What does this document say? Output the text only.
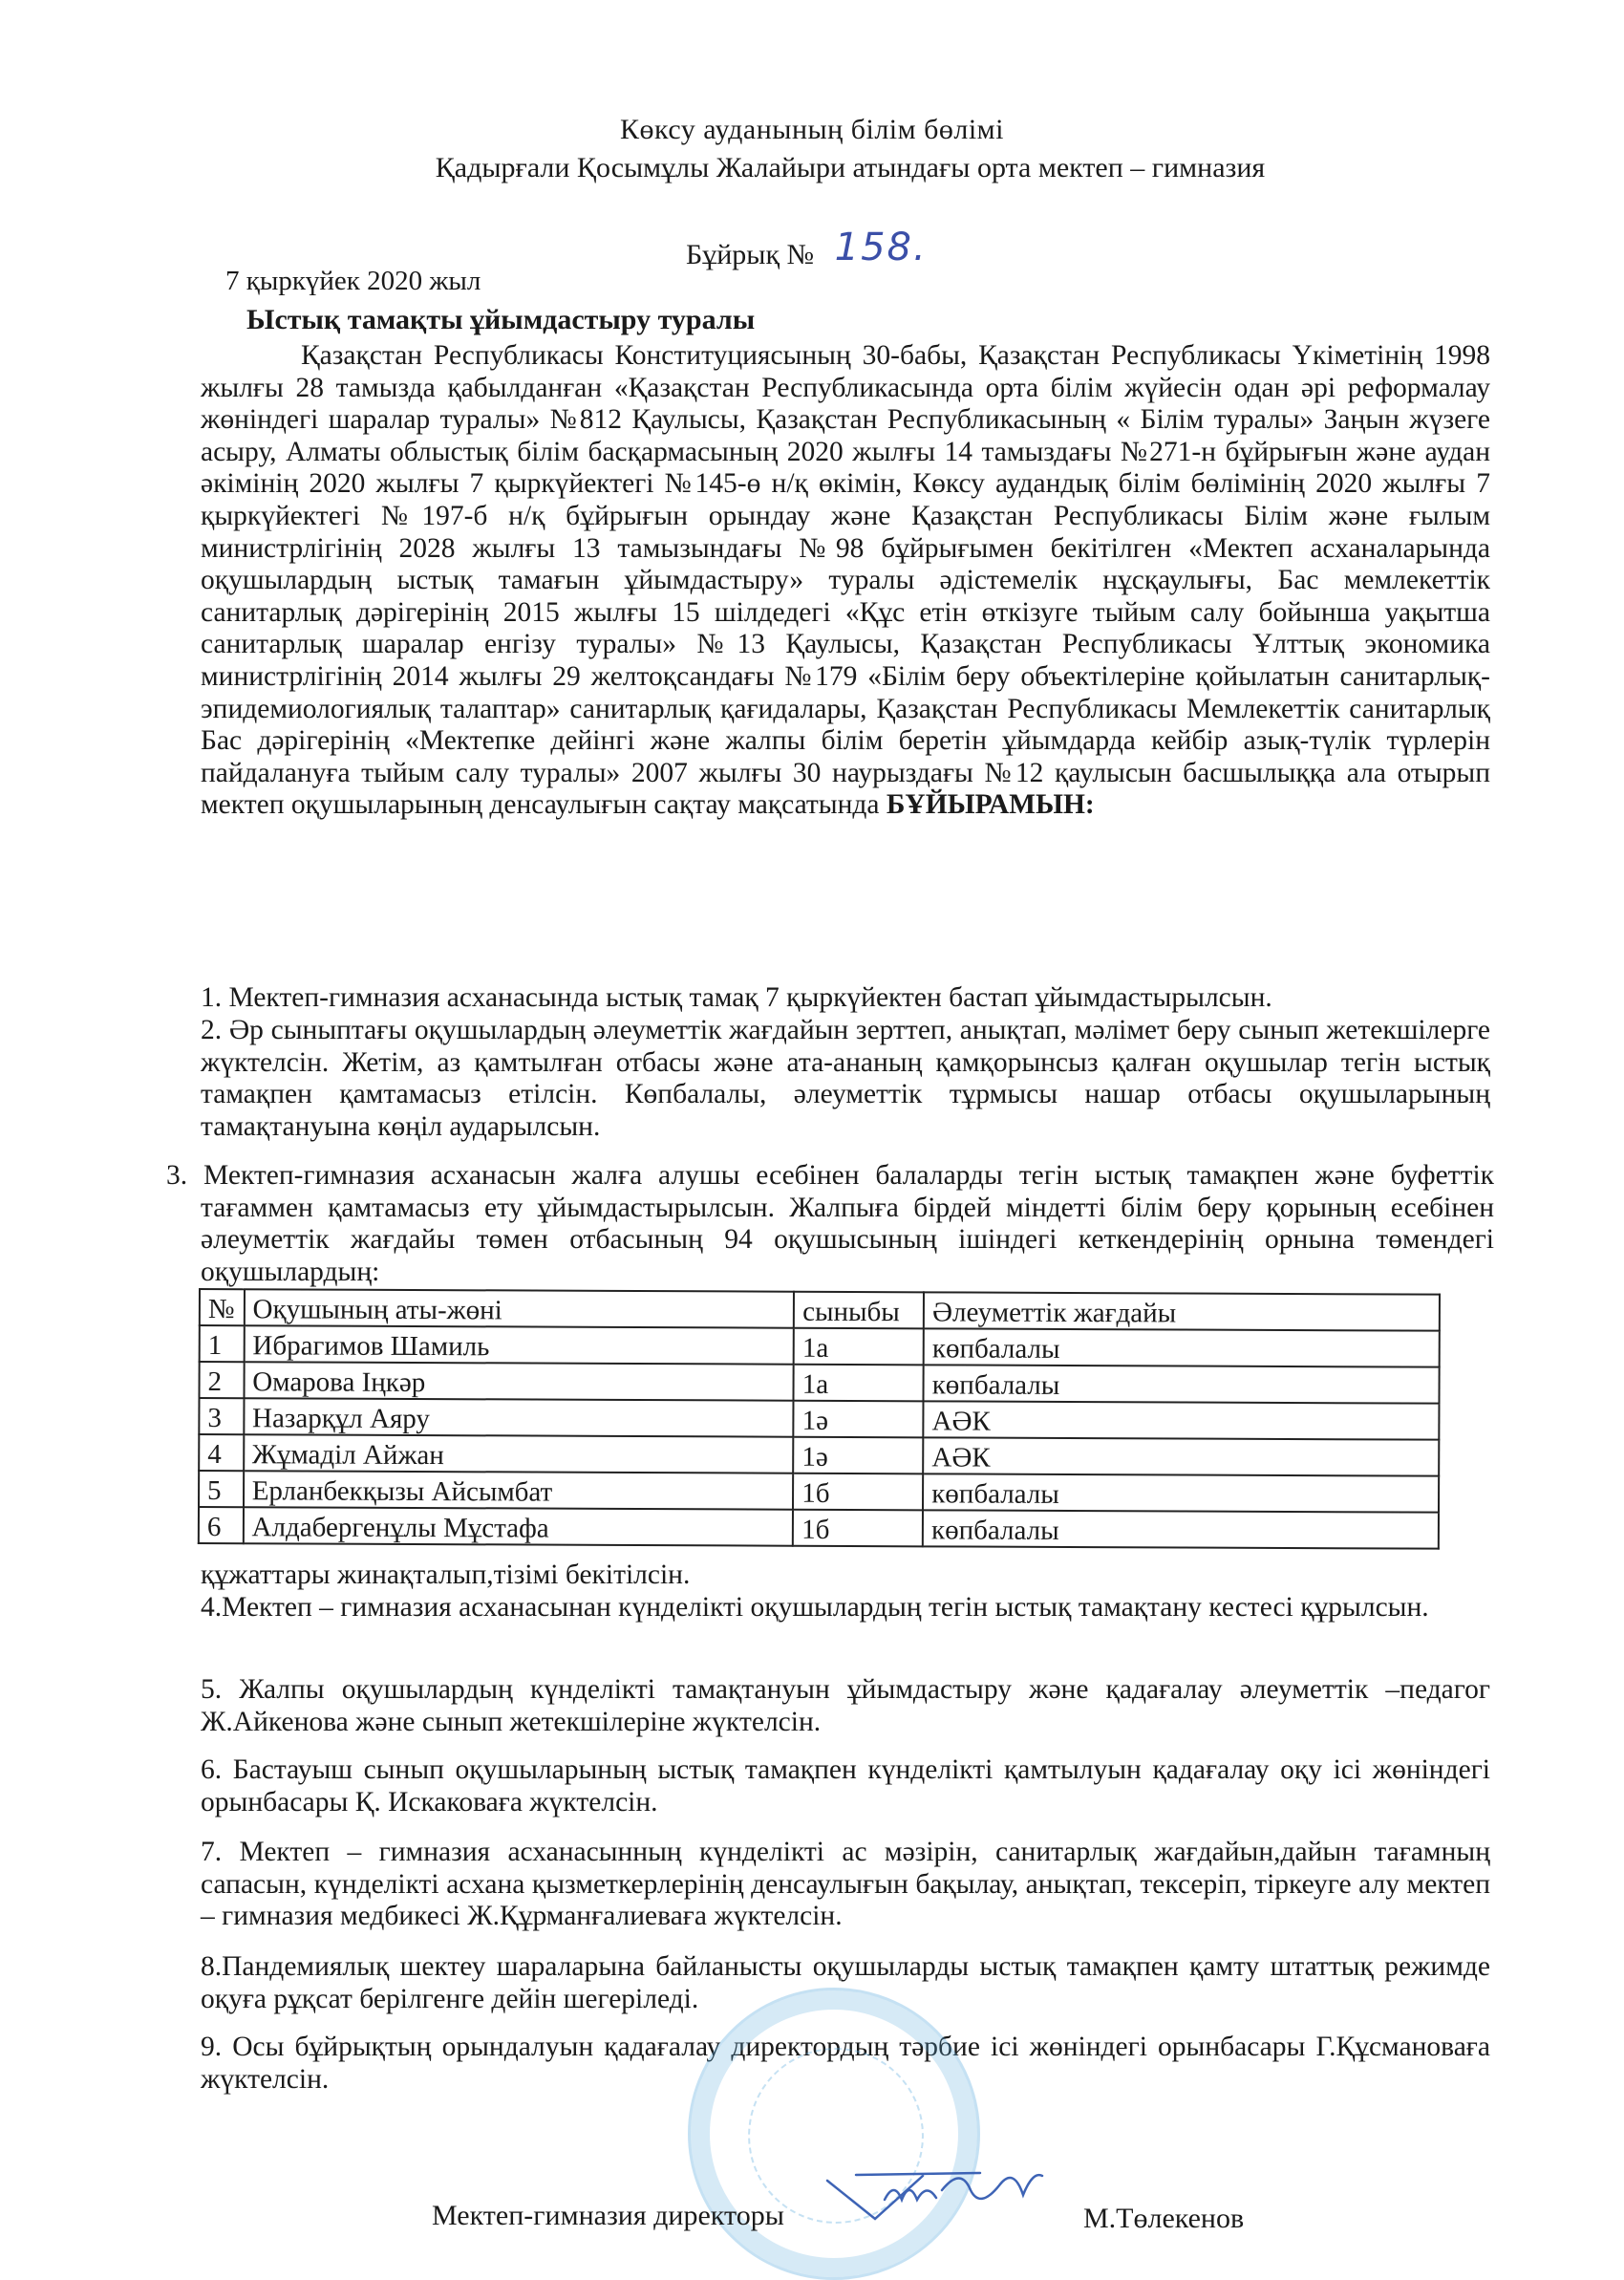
Көксу ауданының білім бөлімі
Қадырғали Қосымұлы Жалайыри атындағы орта мектеп – гимназия
Бұйрық № 158.
7 қыркүйек 2020 жыл
Ыстық тамақты ұйымдастыру туралы
Қазақстан Республикасы Конституциясының 30-бабы, Қазақстан Республикасы Үкіметінің 1998 жылғы 28 тамызда қабылданған «Қазақстан Республикасында орта білім жүйесін одан әрі реформалау жөніндегі шаралар туралы» №812 Қаулысы, Қазақстан Республикасының « Білім туралы» Заңын жүзеге асыру, Алматы облыстық білім басқармасының 2020 жылғы 14 тамыздағы №271-н бұйрығын және аудан әкімінің 2020 жылғы 7 қыркүйектегі №145-ө н/қ өкімін, Көксу аудандық білім бөлімінің 2020 жылғы 7 қыркүйектегі №197-б н/қ бұйрығын орындау және Қазақстан Республикасы Білім және ғылым министрлігінің 2028 жылғы 13 тамызындағы №98 бұйрығымен бекітілген «Мектеп асханаларында оқушылардың ыстық тамағын ұйымдастыру» туралы әдістемелік нұсқаулығы, Бас мемлекеттік санитарлық дәрігерінің 2015 жылғы 15 шілдедегі «Құс етін өткізуге тыйым салу бойынша уақытша санитарлық шаралар енгізу туралы» №13 Қаулысы, Қазақстан Республикасы Ұлттық экономика министрлігінің 2014 жылғы 29 желтоқсандағы №179 «Білім беру объектілеріне қойылатын санитарлық-эпидемиологиялық талаптар» санитарлық қағидалары, Қазақстан Республикасы Мемлекеттік санитарлық Бас дәрігерінің «Мектепке дейінгі және жалпы білім беретін ұйымдарда кейбір азық-түлік түрлерін пайдалануға тыйым салу туралы» 2007 жылғы 30 наурыздағы №12 қаулысын басшылыққа ала отырып мектеп оқушыларының денсаулығын сақтау мақсатында БҰЙЫРАМЫН:
1. Мектеп-гимназия асханасында ыстық тамақ 7 қыркүйектен бастап ұйымдастырылсын.
2. Әр сыныптағы оқушылардың әлеуметтік жағдайын зерттеп, анықтап, мәлімет беру сынып жетекшілерге жүктелсін. Жетім, аз қамтылған отбасы және ата-ананың қамқорынсыз қалған оқушылар тегін ыстық тамақпен қамтамасыз етілсін. Көпбалалы, әлеуметтік тұрмысы нашар отбасы оқушыларының тамақтануына көңіл аударылсын.
3. Мектеп-гимназия асханасын жалға алушы есебінен балаларды тегін ыстық тамақпен және буфеттік тағаммен қамтамасыз ету ұйымдастырылсын. Жалпыға бірдей міндетті білім беру қорының есебінен әлеуметтік жағдайы төмен отбасының 94 оқушысының ішіндегі кеткендерінің орнына төмендегі оқушылардың:
№	Оқушының аты-жөні	сыныбы	Әлеуметтік жағдайы
1	Ибрагимов Шамиль	1а	көпбалалы
2	Омарова Іңкәр	1а	көпбалалы
3	Назарқұл Аяру	1ә	АӘК
4	Жұмаділ Айжан	1ә	АӘК
5	Ерланбекқызы Айсымбат	1б	көпбалалы
6	Алдабергенұлы Мұстафа	1б	көпбалалы
құжаттары жинақталып,тізімі бекітілсін.
4.Мектеп – гимназия асханасынан күнделікті оқушылардың тегін ыстық тамақтану кестесі құрылсын.
5. Жалпы оқушылардың күнделікті тамақтануын ұйымдастыру және қадағалау әлеуметтік –педагог Ж.Айкенова және сынып жетекшілеріне жүктелсін.
6. Бастауыш сынып оқушыларының ыстық тамақпен күнделікті қамтылуын қадағалау оқу ісі жөніндегі орынбасары Қ. Искаковаға жүктелсін.
7. Мектеп – гимназия асханасынның күнделікті ас мәзірін, санитарлық жағдайын,дайын тағамның сапасын, күнделікті асхана қызметкерлерінің денсаулығын бақылау, анықтап, тексеріп, тіркеуге алу мектеп – гимназия медбикесі Ж.Құрманғалиеваға жүктелсін.
8.Пандемиялық шектеу шараларына байланысты оқушыларды ыстық тамақпен қамту штаттық режимде оқуға рұқсат берілгенге дейін шегеріледі.
9. Осы бұйрықтың орындалуын қадағалау директордың тәрбие ісі жөніндегі орынбасары Г.Құсмановаға жүктелсін.
Мектеп-гимназия директоры	М.Төлекенов
